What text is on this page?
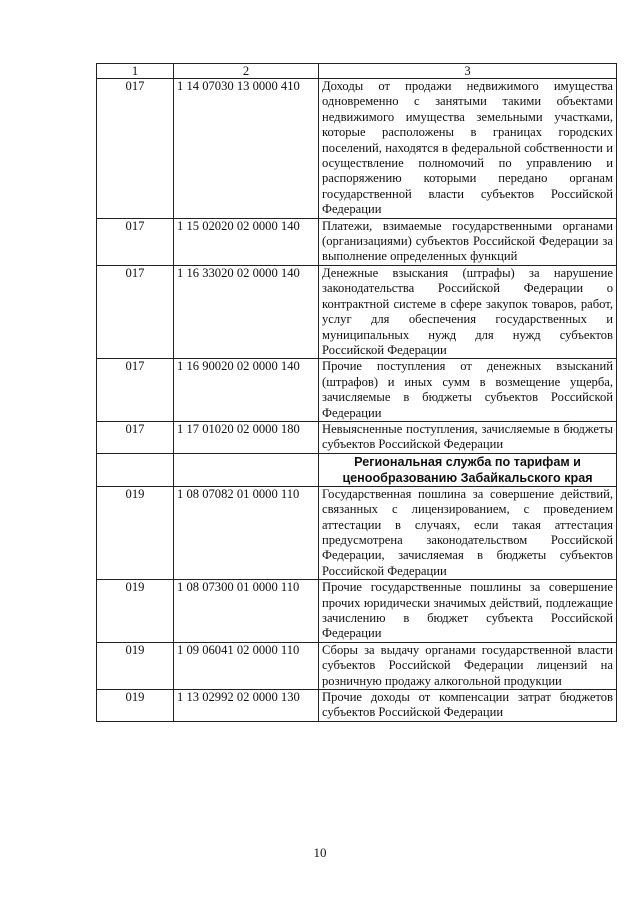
1	2	3
017	1 14 07030 13 0000 410	Доходы от продажи недвижимого имущества одновременно с занятыми такими объектами недвижимого имущества земельными участками, которые расположены в границах городских поселений, находятся в федеральной собственности и осуществление полномочий по управлению и распоряжению которыми передано органам государственной власти субъектов Российской Федерации
017	1 15 02020 02 0000 140	Платежи, взимаемые государственными органами (организациями) субъектов Российской Федерации за выполнение определенных функций
017	1 16 33020 02 0000 140	Денежные взыскания (штрафы) за нарушение законодательства Российской Федерации о контрактной системе в сфере закупок товаров, работ, услуг для обеспечения государственных и муниципальных нужд для нужд субъектов Российской Федерации
017	1 16 90020 02 0000 140	Прочие поступления от денежных взысканий (штрафов) и иных сумм в возмещение ущерба, зачисляемые в бюджеты субъектов Российской Федерации
017	1 17 01020 02 0000 180	Невыясненные поступления, зачисляемые в бюджеты субъектов Российской Федерации
		Региональная служба по тарифам и ценообразованию Забайкальского края
019	1 08 07082 01 0000 110	Государственная пошлина за совершение действий, связанных с лицензированием, с проведением аттестации в случаях, если такая аттестация предусмотрена законодательством Российской Федерации, зачисляемая в бюджеты субъектов Российской Федерации
019	1 08 07300 01 0000 110	Прочие государственные пошлины за совершение прочих юридически значимых действий, подлежащие зачислению в бюджет субъекта Российской Федерации
019	1 09 06041 02 0000 110	Сборы за выдачу органами государственной власти субъектов Российской Федерации лицензий на розничную продажу алкогольной продукции
019	1 13 02992 02 0000 130	Прочие доходы от компенсации затрат бюджетов субъектов Российской Федерации
10
